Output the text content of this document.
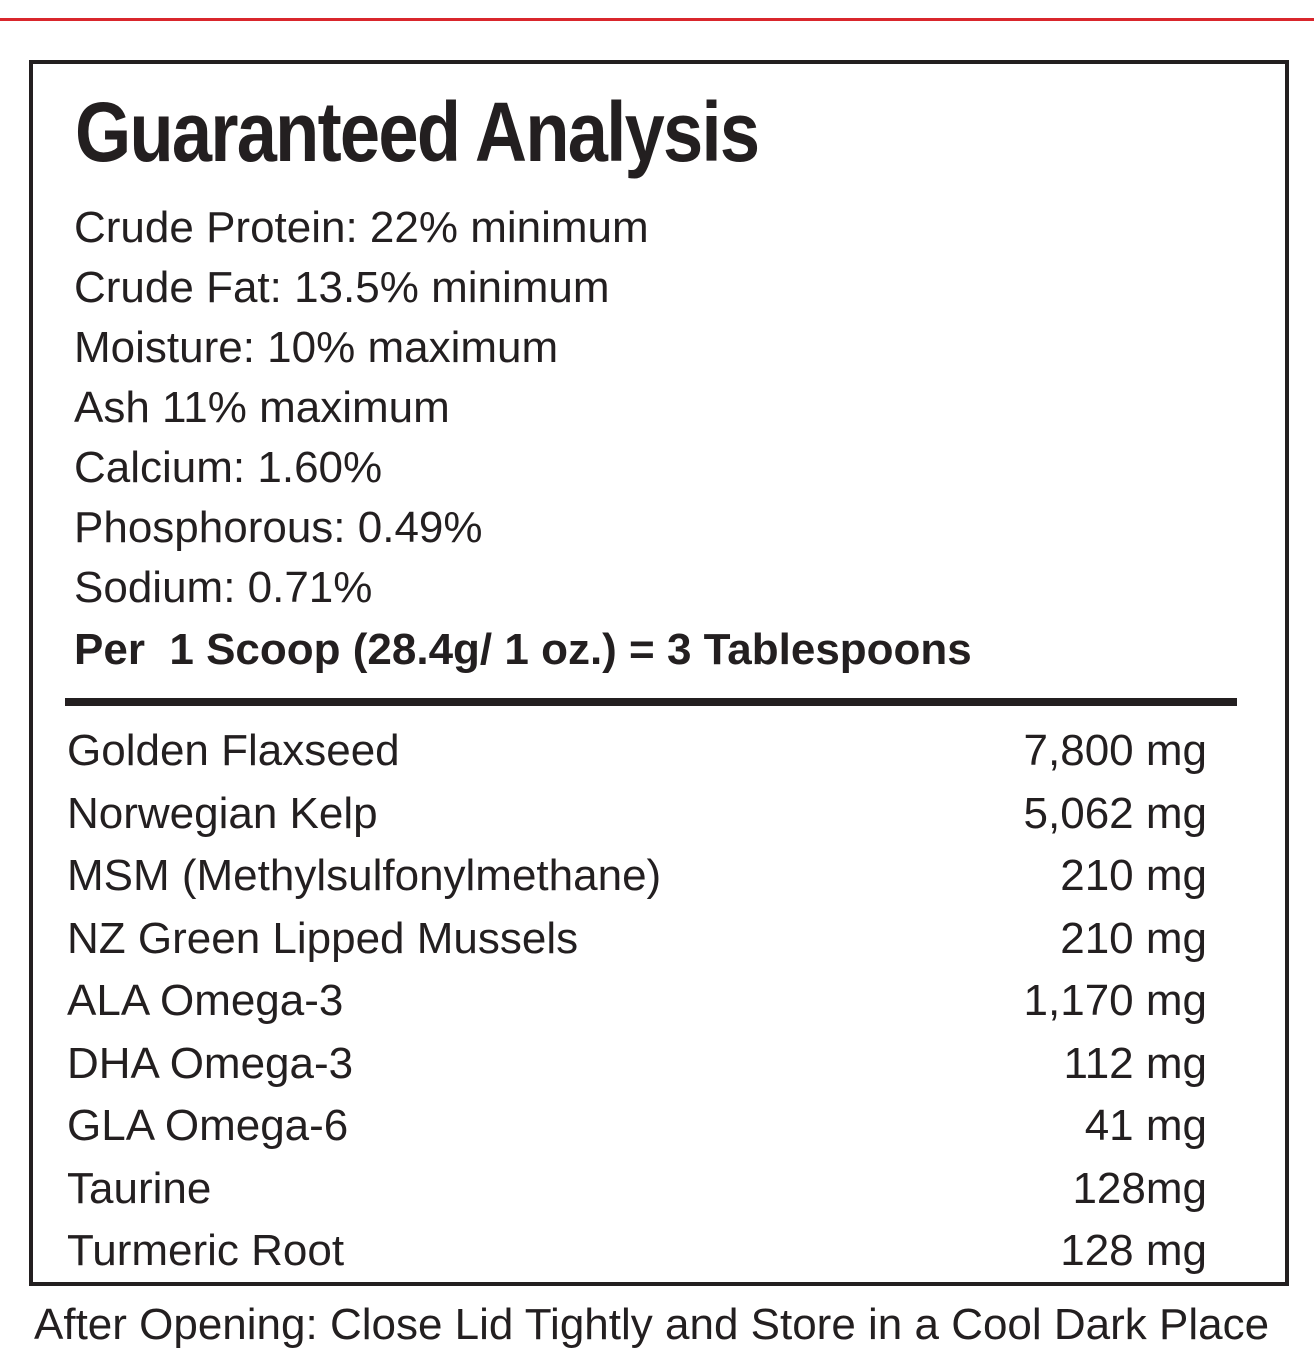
Guaranteed Analysis
Crude Protein: 22% minimum
Crude Fat: 13.5% minimum
Moisture: 10% maximum
Ash 11% maximum
Calcium: 1.60%
Phosphorous: 0.49%
Sodium: 0.71%
Per  1 Scoop (28.4g/ 1 oz.) = 3 Tablespoons
Golden Flaxseed	7,800 mg
Norwegian Kelp	5,062 mg
MSM (Methylsulfonylmethane)	210 mg
NZ Green Lipped Mussels	210 mg
ALA Omega-3	1,170 mg
DHA Omega-3	112 mg
GLA Omega-6	41 mg
Taurine	128mg
Turmeric Root	128 mg
After Opening: Close Lid Tightly and Store in a Cool Dark Place
